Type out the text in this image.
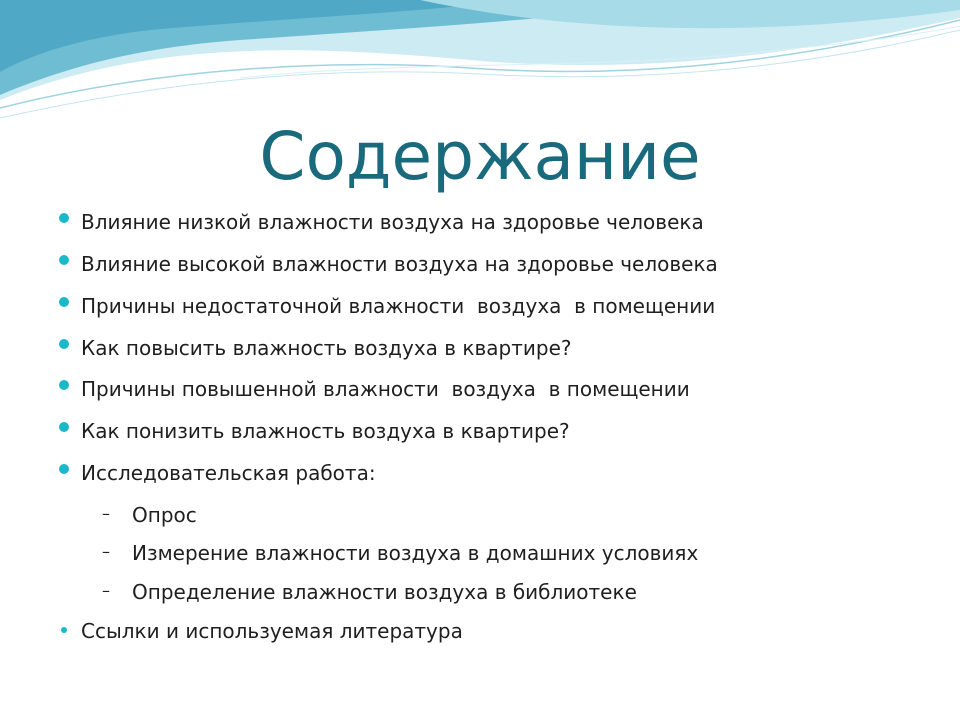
Содержание
Влияние низкой влажности воздуха на здоровье человека
Влияние высокой влажности воздуха на здоровье человека
Причины недостаточной влажности  воздуха  в помещении
Как повысить влажность воздуха в квартире?
Причины повышенной влажности  воздуха  в помещении
Как понизить влажность воздуха в квартире?
Исследовательская работа:
– Опрос
– Измерение влажности воздуха в домашних условиях
– Определение влажности воздуха в библиотеке
Ссылки и используемая литература
